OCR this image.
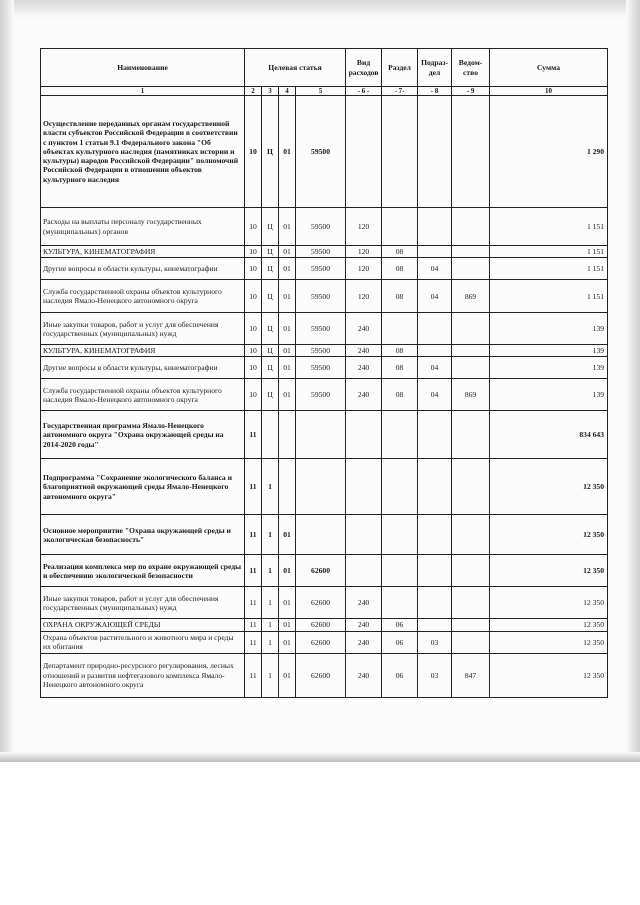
Наименование	Целевая статья				Вид расходов	Раздел	Подраз-дел	Ведом-ство	Сумма
1	2	3	4	5	- 6 -	- 7-	- 8	- 9	10
Осуществление переданных органам государственной власти субъектов Российской Федерации в соответствии с пунктом 1 статьи 9.1 Федерального закона "Об объектах культурного наследия (памятниках истории и культуры) народов Российской Федерации" полномочий Российской Федерации в отношении объектов культурного наследия	10	Ц	01	59500					1 290
Расходы на выплаты персоналу государственных (муниципальных) органов	10	Ц	01	59500	120				1 151
КУЛЬТУРА, КИНЕМАТОГРАФИЯ	10	Ц	01	59500	120	08			1 151
Другие вопросы в области культуры, кинематографии	10	Ц	01	59500	120	08	04		1 151
Служба государственной охраны объектов культурного наследия Ямало-Ненецкого автономного округа	10	Ц	01	59500	120	08	04	869	1 151
Иные закупки товаров, работ и услуг для обеспечения государственных (муниципальных) нужд	10	Ц	01	59500	240				139
КУЛЬТУРА, КИНЕМАТОГРАФИЯ	10	Ц	01	59500	240	08			139
Другие вопросы в области культуры, кинематографии	10	Ц	01	59500	240	08	04		139
Служба государственной охраны объектов культурного наследия Ямало-Ненецкого автономного округа	10	Ц	01	59500	240	08	04	869	139
Государственная программа Ямало-Ненецкого автономного округа "Охрана окружающей среды на 2014-2020 годы"	11								834 643
Подпрограмма "Сохранение экологического баланса и благоприятной окружающей среды Ямало-Ненецкого автономного округа"	11	1							12 350
Основное мероприятие "Охрана окружающей среды и экологическая безопасность"	11	1	01						12 350
Реализация комплекса мер по охране окружающей среды и обеспечению экологической безопасности	11	1	01	62600					12 350
Иные закупки товаров, работ и услуг для обеспечения государственных (муниципальных) нужд	11	1	01	62600	240				12 350
ОХРАНА ОКРУЖАЮЩЕЙ СРЕДЫ	11	1	01	62600	240	06			12 350
Охрана объектов растительного и животного мира и среды их обитания	11	1	01	62600	240	06	03		12 350
Департамент природно-ресурсного регулирования, лесных отношений и развития нефтегазового комплекса Ямало-Ненецкого автономного округа	11	1	01	62600	240	06	03	847	12 350
